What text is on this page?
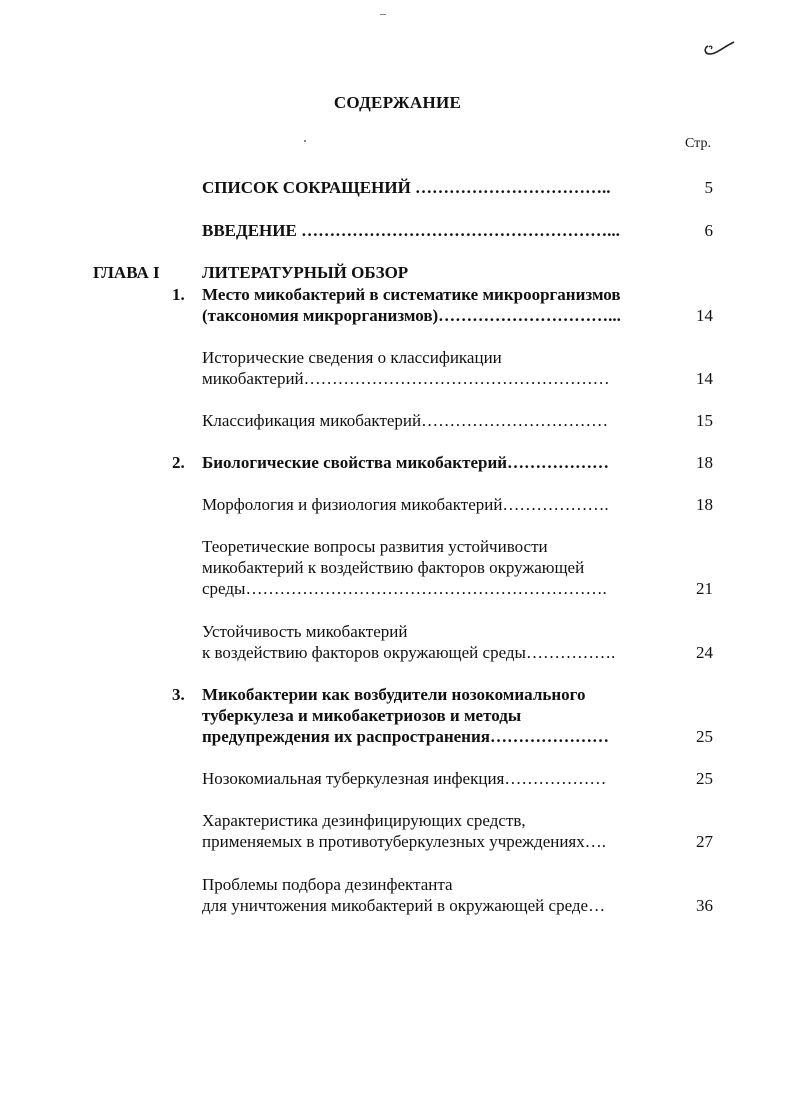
СОДЕРЖАНИЕ
Стр.
СПИСОК СОКРАЩЕНИЙ ……………………………..	5
ВВЕДЕНИЕ ………………………………………………...	6
ГЛАВА I ЛИТЕРАТУРНЫЙ ОБЗОР
1. Место микобактерий в систематике микроорганизмов
(таксономия микрорганизмов)…………………………...	14
Исторические сведения о классификации
микобактерий………………………………………………	14
Классификация микобактерий……………………………	15
2. Биологические свойства микобактерий………………	18
Морфология и физиология микобактерий……………….	18
Теоретические вопросы развития устойчивости
микобактерий к воздействию факторов окружающей
среды……………………………………………………….	21
Устойчивость микобактерий
к воздействию факторов окружающей среды…………….	24
3. Микобактерии как возбудители нозокомиального
туберкулеза и микобакетриозов и методы
предупреждения их распространения…………………	25
Нозокомиальная туберкулезная инфекция………………	25
Характеристика дезинфицирующих средств,
применяемых в противотуберкулезных учреждениях….	27
Проблемы подбора дезинфектанта
для уничтожения микобактерий в окружающей среде…	36
